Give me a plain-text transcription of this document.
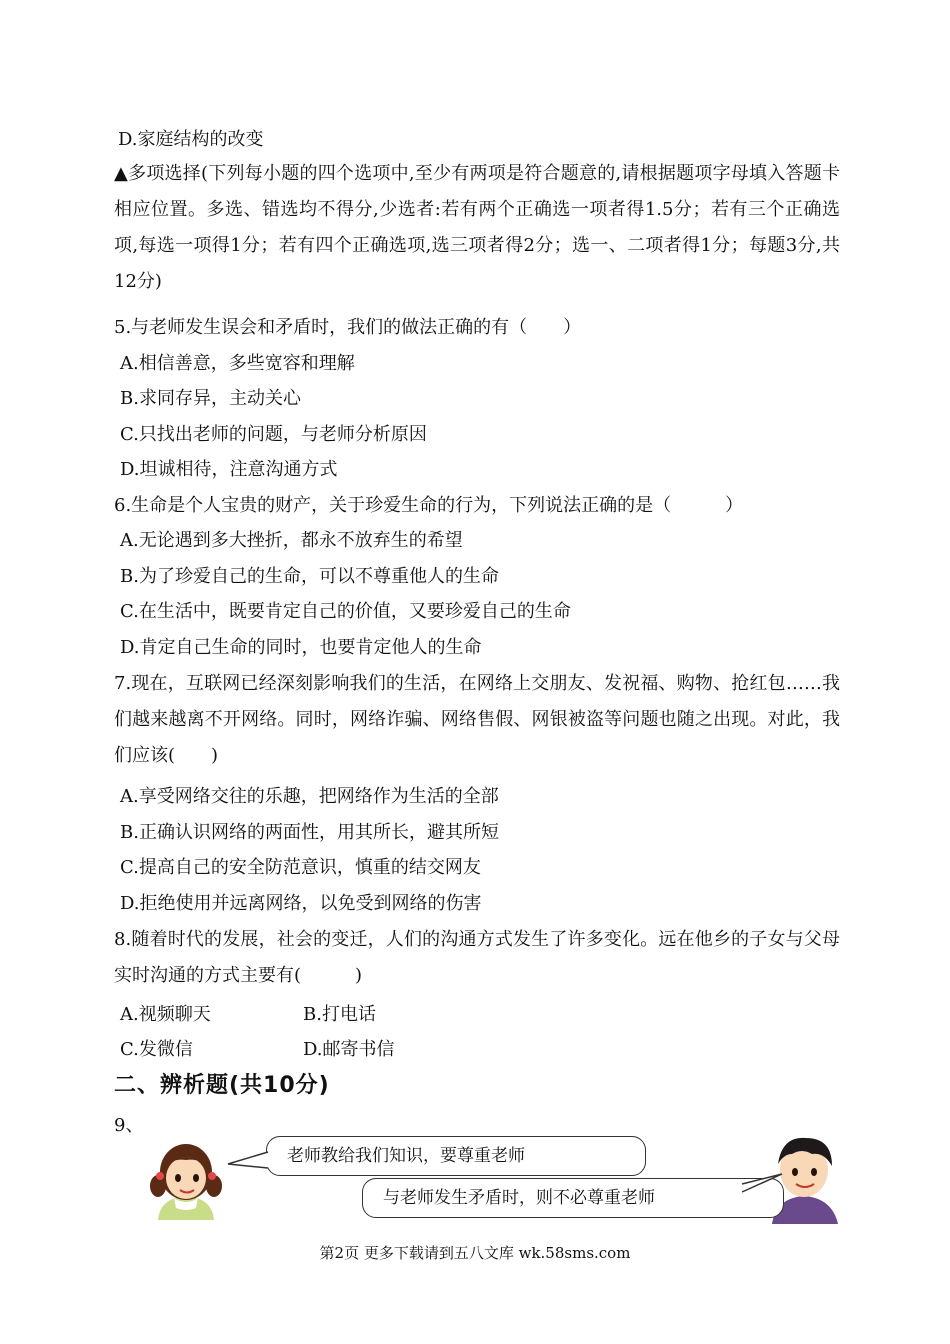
D.家庭结构的改变
▲多项选择(下列每小题的四个选项中,至少有两项是符合题意的,请根据题项字母填入答题卡相应位置。多选、错选均不得分,少选者:若有两个正确选一项者得1.5分；若有三个正确选项,每选一项得1分；若有四个正确选项,选三项者得2分；选一、二项者得1分；每题3分,共12分)
5.与老师发生误会和矛盾时，我们的做法正确的有（　　）
A.相信善意，多些宽容和理解
B.求同存异，主动关心
C.只找出老师的问题，与老师分析原因
D.坦诚相待，注意沟通方式
6.生命是个人宝贵的财产，关于珍爱生命的行为，下列说法正确的是（　　　）
A.无论遇到多大挫折，都永不放弃生的希望
B.为了珍爱自己的生命，可以不尊重他人的生命
C.在生活中，既要肯定自己的价值，又要珍爱自己的生命
D.肯定自己生命的同时，也要肯定他人的生命
7.现在，互联网已经深刻影响我们的生活，在网络上交朋友、发祝福、购物、抢红包……我们越来越离不开网络。同时，网络诈骗、网络售假、网银被盗等问题也随之出现。对此，我们应该(　　)
A.享受网络交往的乐趣，把网络作为生活的全部
B.正确认识网络的两面性，用其所长，避其所短
C.提高自己的安全防范意识，慎重的结交网友
D.拒绝使用并远离网络，以免受到网络的伤害
8.随着时代的发展，社会的变迁，人们的沟通方式发生了许多变化。远在他乡的子女与父母实时沟通的方式主要有(　　　)
A.视频聊天	B.打电话
C.发微信	D.邮寄书信
二、辨析题(共10分)
9、
老师教给我们知识，要尊重老师
与老师发生矛盾时，则不必尊重老师
第2页 更多下载请到五八文库 wk.58sms.com
